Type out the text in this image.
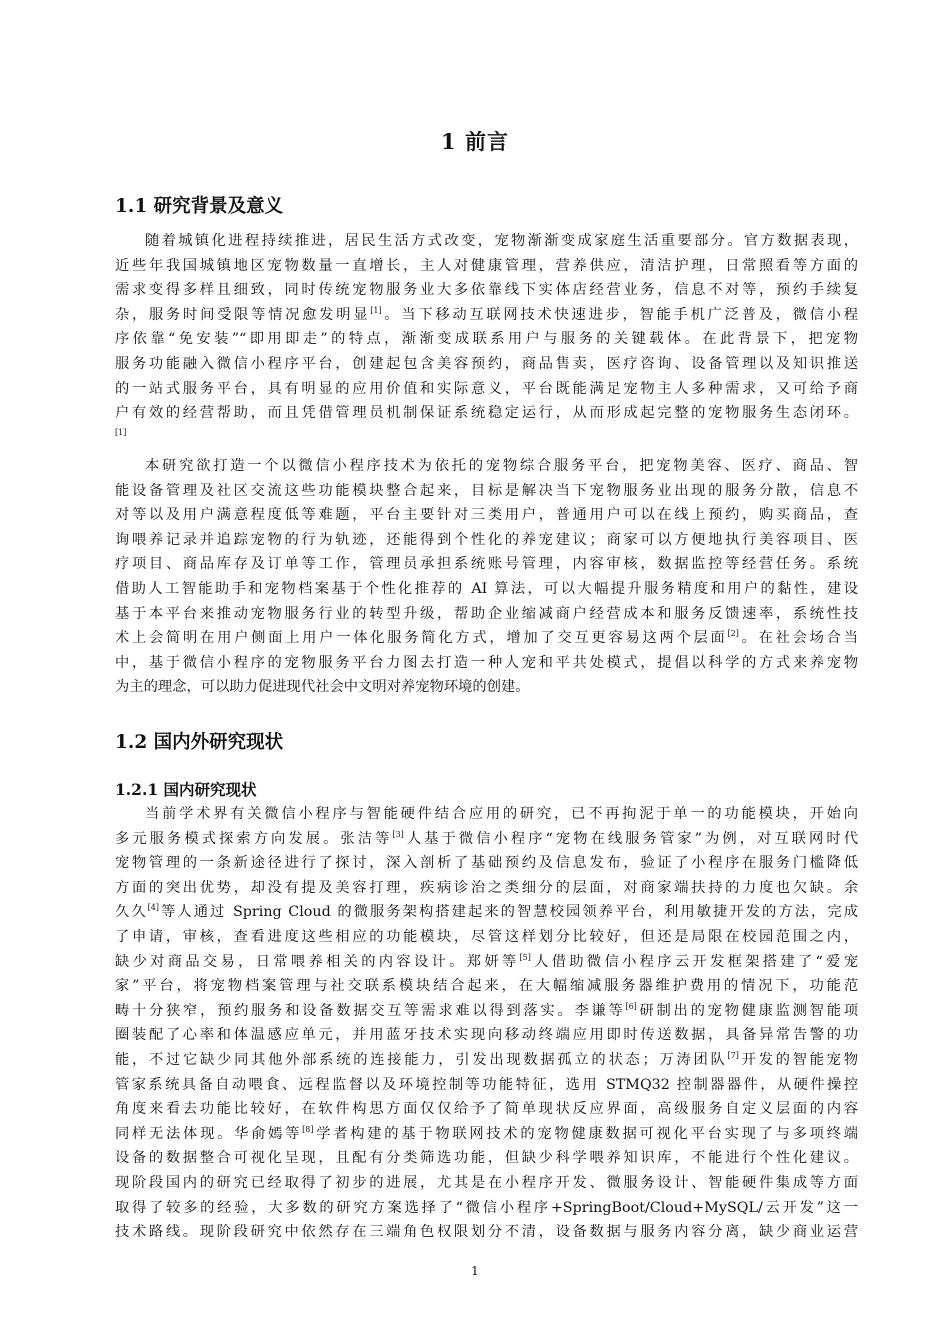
1 前言
1.1 研究背景及意义
随着城镇化进程持续推进，居民生活方式改变，宠物渐渐变成家庭生活重要部分。官方数据表现，
近些年我国城镇地区宠物数量一直增长，主人对健康管理，营养供应，清洁护理，日常照看等方面的
需求变得多样且细致，同时传统宠物服务业大多依靠线下实体店经营业务，信息不对等，预约手续复
杂，服务时间受限等情况愈发明显[1]。当下移动互联网技术快速进步，智能手机广泛普及，微信小程
序依靠“免安装”“即用即走”的特点，渐渐变成联系用户与服务的关键载体。在此背景下，把宠物
服务功能融入微信小程序平台，创建起包含美容预约，商品售卖，医疗咨询、设备管理以及知识推送
的一站式服务平台，具有明显的应用价值和实际意义，平台既能满足宠物主人多种需求，又可给予商
户有效的经营帮助，而且凭借管理员机制保证系统稳定运行，从而形成起完整的宠物服务生态闭环。
[1]
本研究欲打造一个以微信小程序技术为依托的宠物综合服务平台，把宠物美容、医疗、商品、智
能设备管理及社区交流这些功能模块整合起来，目标是解决当下宠物服务业出现的服务分散，信息不
对等以及用户满意程度低等难题，平台主要针对三类用户，普通用户可以在线上预约，购买商品，查
询喂养记录并追踪宠物的行为轨迹，还能得到个性化的养宠建议；商家可以方便地执行美容项目、医
疗项目、商品库存及订单等工作，管理员承担系统账号管理，内容审核，数据监控等经营任务。系统
借助人工智能助手和宠物档案基于个性化推荐的 AI 算法，可以大幅提升服务精度和用户的黏性，建设
基于本平台来推动宠物服务行业的转型升级，帮助企业缩减商户经营成本和服务反馈速率，系统性技
术上会简明在用户侧面上用户一体化服务简化方式，增加了交互更容易这两个层面[2]。在社会场合当
中，基于微信小程序的宠物服务平台力图去打造一种人宠和平共处模式，提倡以科学的方式来养宠物
为主的理念，可以助力促进现代社会中文明对养宠物环境的创建。
1.2 国内外研究现状
1.2.1 国内研究现状
当前学术界有关微信小程序与智能硬件结合应用的研究，已不再拘泥于单一的功能模块，开始向
多元服务模式探索方向发展。张洁等[3]人基于微信小程序“宠物在线服务管家”为例，对互联网时代
宠物管理的一条新途径进行了探讨，深入剖析了基础预约及信息发布，验证了小程序在服务门槛降低
方面的突出优势，却没有提及美容打理，疾病诊治之类细分的层面，对商家端扶持的力度也欠缺。余
久久[4]等人通过 Spring Cloud 的微服务架构搭建起来的智慧校园领养平台，利用敏捷开发的方法，完成
了申请，审核，查看进度这些相应的功能模块，尽管这样划分比较好，但还是局限在校园范围之内，
缺少对商品交易，日常喂养相关的内容设计。郑妍等[5]人借助微信小程序云开发框架搭建了“爱宠
家”平台，将宠物档案管理与社交联系模块结合起来，在大幅缩减服务器维护费用的情况下，功能范
畴十分狭窄，预约服务和设备数据交互等需求难以得到落实。李谦等[6]研制出的宠物健康监测智能项
圈装配了心率和体温感应单元，并用蓝牙技术实现向移动终端应用即时传送数据，具备异常告警的功
能，不过它缺少同其他外部系统的连接能力，引发出现数据孤立的状态；万涛团队[7]开发的智能宠物
管家系统具备自动喂食、远程监督以及环境控制等功能特征，选用 STMQ32 控制器器件，从硬件操控
角度来看去功能比较好，在软件构思方面仅仅给予了简单现状反应界面，高级服务自定义层面的内容
同样无法体现。华俞嫣等[8]学者构建的基于物联网技术的宠物健康数据可视化平台实现了与多项终端
设备的数据整合可视化呈现，且配有分类筛选功能，但缺少科学喂养知识库，不能进行个性化建议。
现阶段国内的研究已经取得了初步的进展，尤其是在小程序开发、微服务设计、智能硬件集成等方面
取得了较多的经验，大多数的研究方案选择了“微信小程序+SpringBoot/Cloud+MySQL/云开发”这一
技术路线。现阶段研究中依然存在三端角色权限划分不清，设备数据与服务内容分离，缺少商业运营
1
